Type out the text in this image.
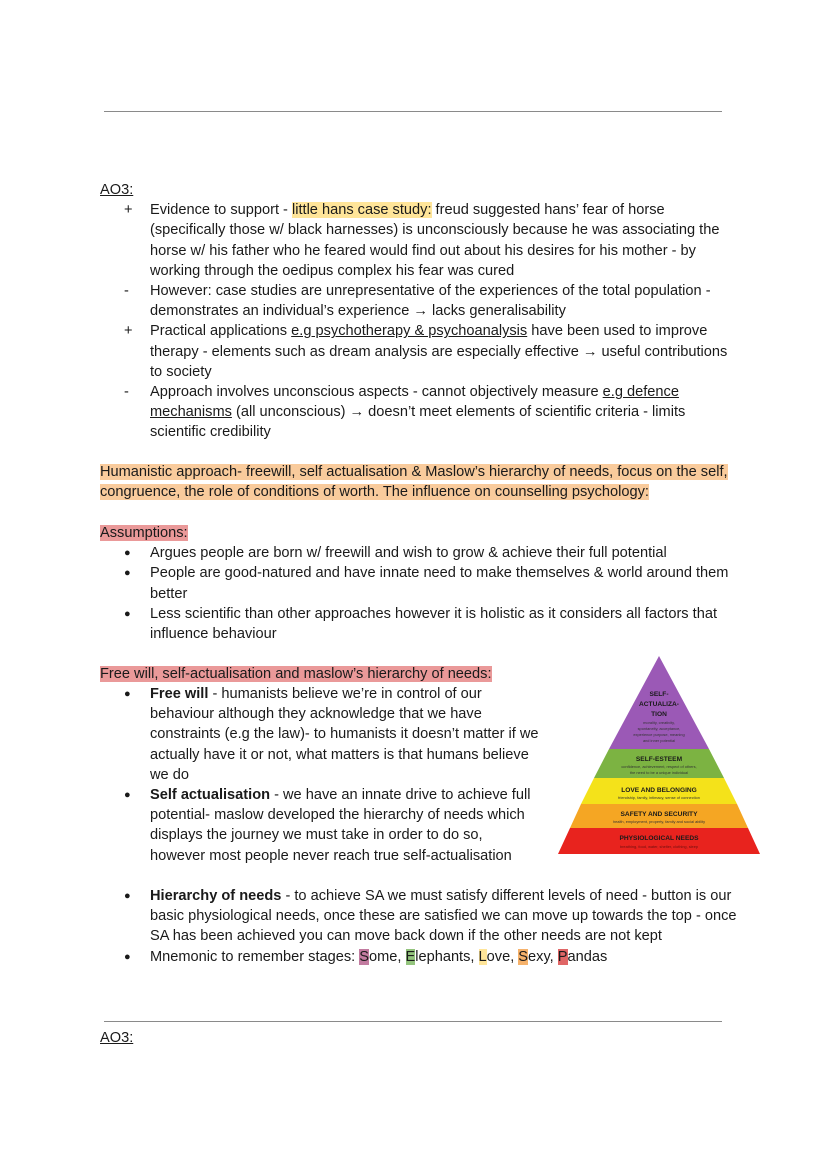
AO3:
+	Evidence to support - little hans case study: freud suggested hans’ fear of horse (specifically those w/ black harnesses) is unconsciously because he was associating the horse w/ his father who he feared would find out about his desires for his mother - by working through the oedipus complex his fear was cured
-	However: case studies are unrepresentative of the experiences of the total population - demonstrates an individual’s experience → lacks generalisability
+	Practical applications e.g psychotherapy & psychoanalysis have been used to improve therapy - elements such as dream analysis are especially effective → useful contributions to society
-	Approach involves unconscious aspects - cannot objectively measure e.g defence mechanisms (all unconscious) → doesn’t meet elements of scientific criteria - limits scientific credibility
Humanistic approach- freewill, self actualisation & Maslow’s hierarchy of needs, focus on the self, congruence, the role of conditions of worth. The influence on counselling psychology:
Assumptions:
● Argues people are born w/ freewill and wish to grow & achieve their full potential
● People are good-natured and have innate need to make themselves & world around them better
● Less scientific than other approaches however it is holistic as it considers all factors that influence behaviour
Free will, self-actualisation and maslow’s hierarchy of needs:
● Free will - humanists believe we’re in control of our behaviour although they acknowledge that we have constraints (e.g the law)- to humanists it doesn’t matter if we actually have it or not, what matters is that humans believe we do
● Self actualisation - we have an innate drive to achieve full potential- maslow developed the hierarchy of needs which displays the journey we must take in order to do so, however most people never reach true self-actualisation
● Hierarchy of needs - to achieve SA we must satisfy different levels of need - button is our basic physiological needs, once these are satisfied we can move up towards the top - once SA has been achieved you can move back down if the other needs are not kept
● Mnemonic to remember stages: Some, Elephants, Love, Sexy, Pandas
SELF-
ACTUALIZA-
TION
SELF-ESTEEM
LOVE AND BELONGING
SAFETY AND SECURITY
PHYSIOLOGICAL NEEDS
morality, creativity,
spontaneity, acceptance,
experience purpose, meaning
and inner potential
confidence, achievement, respect of others,
the need to be a unique individual
friendship, family, intimacy, sense of connection
health, employment, property, family and social ability
breathing, food, water, shelter, clothing, sleep
AO3:
